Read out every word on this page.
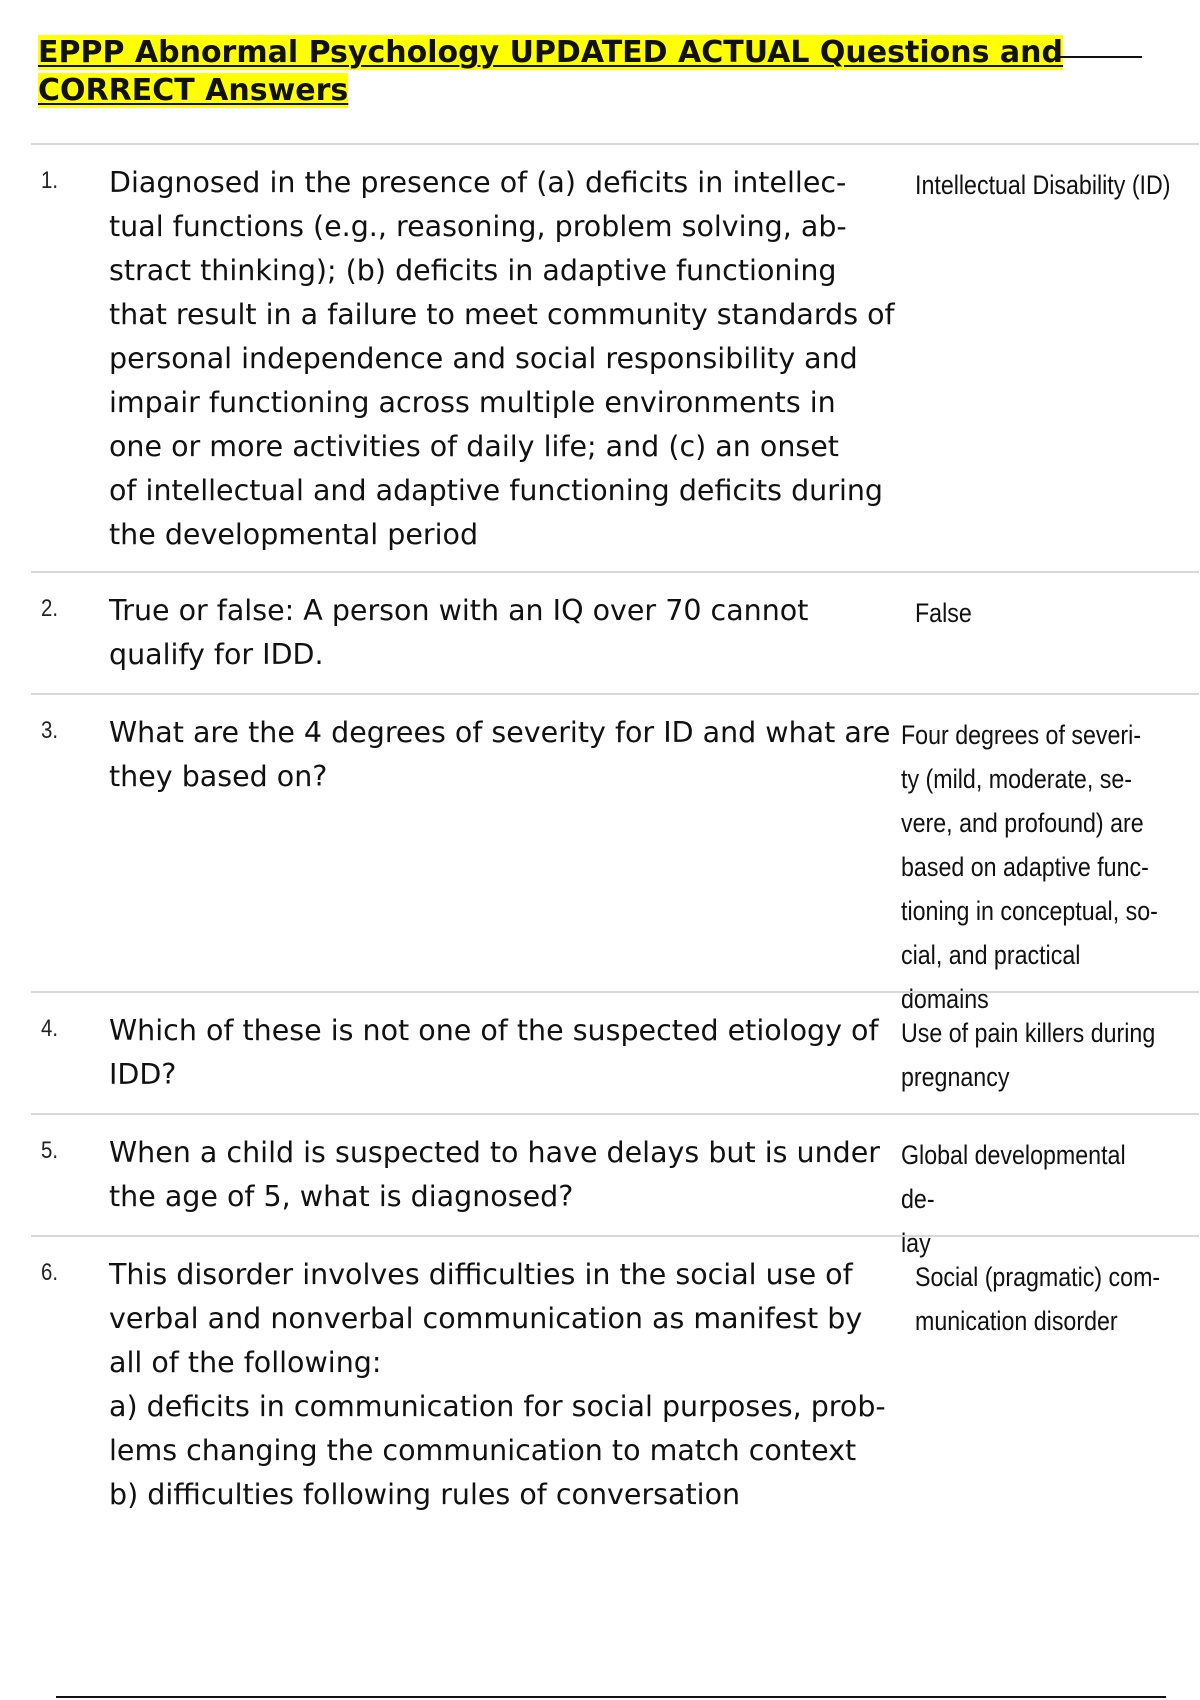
EPPP Abnormal Psychology UPDATED ACTUAL Questions and
CORRECT Answers
1. Diagnosed in the presence of (a) deficits in intellec-
tual functions (e.g., reasoning, problem solving, ab-
stract thinking); (b) deficits in adaptive functioning
that result in a failure to meet community standards of
personal independence and social responsibility and
impair functioning across multiple environments in
one or more activities of daily life; and (c) an onset
of intellectual and adaptive functioning deficits during
the developmental period
Intellectual Disability (ID)
2. True or false: A person with an IQ over 70 cannot
qualify for IDD.
False
3. What are the 4 degrees of severity for ID and what are
they based on?
Four degrees of severi-
ty (mild, moderate, se-
vere, and profound) are
based on adaptive func-
tioning in conceptual, so-
cial, and practical domains
4. Which of these is not one of the suspected etiology of
IDD?
Use of pain killers during
pregnancy
5. When a child is suspected to have delays but is under
the age of 5, what is diagnosed?
Global developmental de-
lay
6. This disorder involves difficulties in the social use of
verbal and nonverbal communication as manifest by
all of the following:
a) deficits in communication for social purposes, prob-
lems changing the communication to match context
b) difficulties following rules of conversation
Social (pragmatic) com-
munication disorder
